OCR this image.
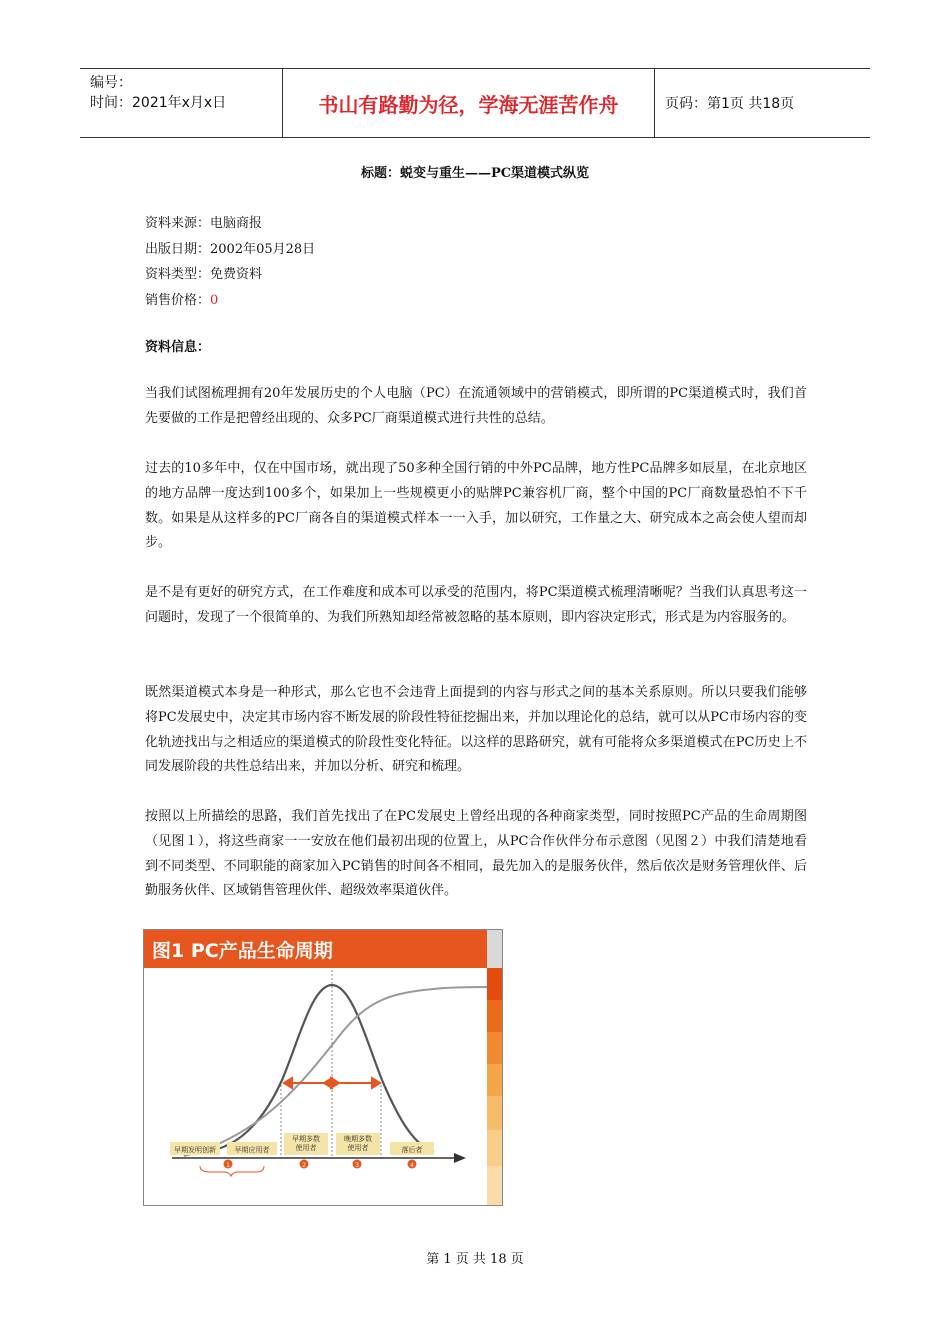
编号：
时间：2021年x月x日	书山有路勤为径，学海无涯苦作舟	页码：第1页 共18页
标题：蜕变与重生——PC渠道模式纵览
资料来源：电脑商报
出版日期：2002年05月28日
资料类型：免费资料
销售价格：0
资料信息：

当我们试图梳理拥有20年发展历史的个人电脑（PC）在流通领域中的营销模式，即所谓的PC渠道模式时，我们首先要做的工作是把曾经出现的、众多PC厂商渠道模式进行共性的总结。

过去的10多年中，仅在中国市场，就出现了50多种全国行销的中外PC品牌，地方性PC品牌多如辰星，在北京地区的地方品牌一度达到100多个，如果加上一些规模更小的贴牌PC兼容机厂商，整个中国的PC厂商数量恐怕不下千数。如果是从这样多的PC厂商各自的渠道模式样本一一入手，加以研究，工作量之大、研究成本之高会使人望而却步。

是不是有更好的研究方式，在工作难度和成本可以承受的范围内，将PC渠道模式梳理清晰呢？当我们认真思考这一问题时，发现了一个很简单的、为我们所熟知却经常被忽略的基本原则，即内容决定形式，形式是为内容服务的。

既然渠道模式本身是一种形式，那么它也不会违背上面提到的内容与形式之间的基本关系原则。所以只要我们能够将PC发展史中，决定其市场内容不断发展的阶段性特征挖掘出来，并加以理论化的总结，就可以从PC市场内容的变化轨迹找出与之相适应的渠道模式的阶段性变化特征。以这样的思路研究，就有可能将众多渠道模式在PC历史上不同发展阶段的共性总结出来，并加以分析、研究和梳理。

按照以上所描绘的思路，我们首先找出了在PC发展史上曾经出现的各种商家类型，同时按照PC产品的生命周期图（见图１），将这些商家一一安放在他们最初出现的位置上，从PC合作伙伴分布示意图（见图２）中我们清楚地看到不同类型、不同职能的商家加入PC销售的时间各不相同，最先加入的是服务伙伴，然后依次是财务管理伙伴、后勤服务伙伴、区域销售管理伙伴、超级效率渠道伙伴。

图1 PC产品生命周期
早期发明创新	早期应用者
早期多数使用者
晚期多数使用者	落后者
1	2	3	4
第 1 页 共 18 页
